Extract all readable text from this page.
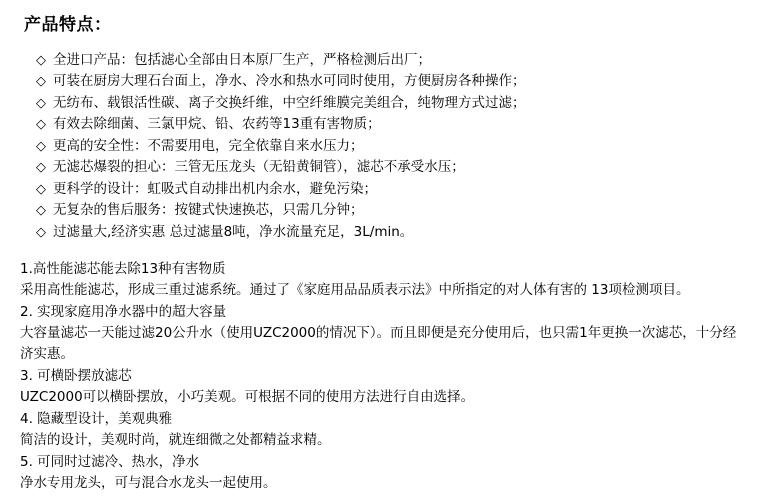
产品特点：
◇ 全进口产品：包括滤心全部由日本原厂生产，严格检测后出厂；
◇ 可装在厨房大理石台面上，净水、冷水和热水可同时使用，方便厨房各种操作；
◇ 无纺布、载银活性碳、离子交换纤维，中空纤维膜完美组合，纯物理方式过滤；
◇ 有效去除细菌、三氯甲烷、铅、农药等13重有害物质；
◇ 更高的安全性：不需要用电，完全依靠自来水压力；
◇ 无滤芯爆裂的担心：三管无压龙头（无铅黄铜管），滤芯不承受水压；
◇ 更科学的设计：虹吸式自动排出机内余水，避免污染；
◇ 无复杂的售后服务：按键式快速换芯，只需几分钟；
◇ 过滤量大,经济实惠 总过滤量8吨，净水流量充足，3L/min。

1.高性能滤芯能去除13种有害物质

采用高性能滤芯，形成三重过滤系统。通过了《家庭用品品质表示法》中所指定的对人体有害的 13项检测项目。

2. 实现家庭用净水器中的超大容量

大容量滤芯一天能过滤20公升水（使用UZC2000的情况下）。而且即便是充分使用后，也只需1年更换一次滤芯，十分经济实惠。

3. 可横卧摆放滤芯

UZC2000可以横卧摆放，小巧美观。可根据不同的使用方法进行自由选择。

4. 隐藏型设计，美观典雅

简洁的设计，美观时尚，就连细微之处都精益求精。

5. 可同时过滤冷、热水，净水

净水专用龙头，可与混合水龙头一起使用。
